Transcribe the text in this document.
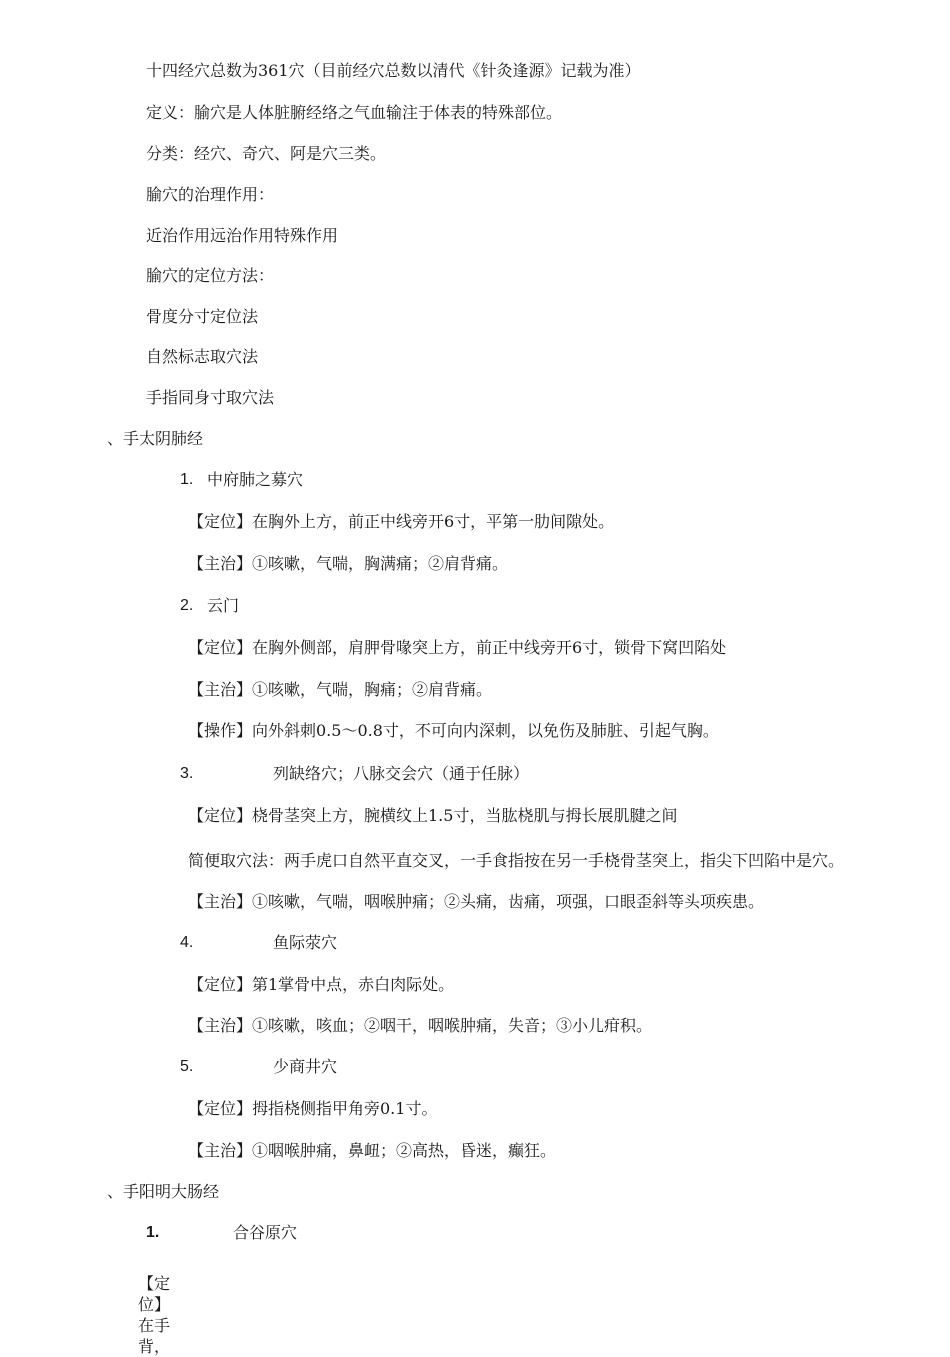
十四经穴总数为361穴（目前经穴总数以清代《针灸逢源》记载为准）
定义：腧穴是人体脏腑经络之气血输注于体表的特殊部位。
分类：经穴、奇穴、阿是穴三类。
腧穴的治理作用：
近治作用远治作用特殊作用
腧穴的定位方法：
骨度分寸定位法
自然标志取穴法
手指同身寸取穴法
、手太阴肺经
1. 中府肺之募穴
【定位】在胸外上方，前正中线旁开6寸，平第一肋间隙处。
【主治】①咳嗽，气喘，胸满痛；②肩背痛。
2. 云门
【定位】在胸外侧部，肩胛骨喙突上方，前正中线旁开6寸，锁骨下窝凹陷处
【主治】①咳嗽，气喘，胸痛；②肩背痛。
【操作】向外斜刺0.5～0.8寸，不可向内深刺，以免伤及肺脏、引起气胸。
3.	列缺络穴；八脉交会穴（通于任脉）
【定位】桡骨茎突上方，腕横纹上1.5寸，当肱桡肌与拇长展肌腱之间
简便取穴法：两手虎口自然平直交叉，一手食指按在另一手桡骨茎突上，指尖下凹陷中是穴。
【主治】①咳嗽，气喘，咽喉肿痛；②头痛，齿痛，项强，口眼歪斜等头项疾患。
4.	鱼际荥穴
【定位】第1掌骨中点，赤白肉际处。
【主治】①咳嗽，咳血；②咽干，咽喉肿痛，失音；③小儿疳积。
5.	少商井穴
【定位】拇指桡侧指甲角旁0.1寸。
【主治】①咽喉肿痛，鼻衄；②高热，昏迷，癫狂。
、手阳明大肠经
1.	合谷原穴
【定位】在手背，
